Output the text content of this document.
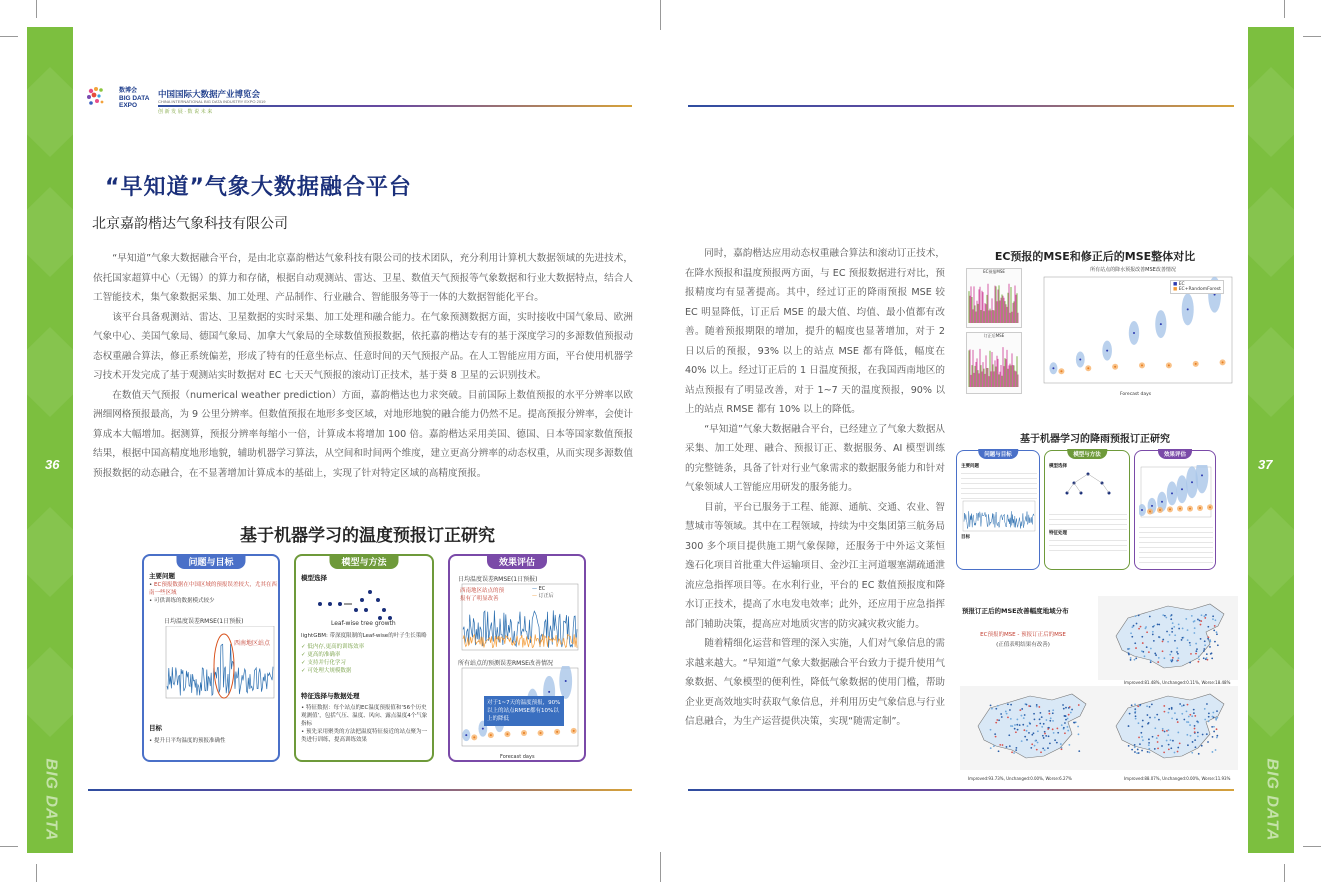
36
BIG DATA
37
BIG DATA
数博会
BIG DATA EXPO
中国国际大数据产业博览会
CHINA INTERNATIONAL BIG DATA INDUSTRY EXPO 2019
创 新 发 展 · 数 说 未 来
“早知道”气象大数据融合平台
北京嘉韵楷达气象科技有限公司

“早知道”气象大数据融合平台，是由北京嘉韵楷达气象科技有限公司的技术团队，充分利用计算机大数据领域的先进技术，依托国家超算中心（无锡）的算力和存储，根据自动观测站、雷达、卫星、数值天气预报等气象数据和行业大数据特点，结合人工智能技术，集气象数据采集、加工处理、产品制作、行业融合、智能服务等于一体的大数据智能化平台。

该平台具备观测站、雷达、卫星数据的实时采集、加工处理和融合能力。在气象预测数据方面，实时接收中国气象局、欧洲气象中心、美国气象局、德国气象局、加拿大气象局的全球数值预报数据，依托嘉韵楷达专有的基于深度学习的多源数值预报动态权重融合算法，修正系统偏差，形成了特有的任意坐标点、任意时间的天气预报产品。在人工智能应用方面，平台使用机器学习技术开发完成了基于观测站实时数据对 EC 七天天气预报的滚动订正技术，基于葵 8 卫星的云识别技术。

在数值天气预报（numerical weather prediction）方面，嘉韵楷达也力求突破。目前国际上数值预报的水平分辨率以欧洲细网格预报最高，为 9 公里分辨率。但数值预报在地形多变区域，对地形地貌的融合能力仍然不足。提高预报分辨率，会使计算成本大幅增加。据测算，预报分辨率每缩小一倍，计算成本将增加 100 倍。嘉韵楷达采用美国、德国、日本等国家数值预报结果，根据中国高精度地形地貌，辅助机器学习算法，从空间和时间两个维度，建立更高分辨率的动态权重，从而实现多源数值预报数据的动态融合，在不显著增加计算成本的基础上，实现了针对特定区域的高精度预报。

基于机器学习的温度预报订正研究
问题与目标
主要问题
• EC预报数据在中国区域的预报误差较大，尤其在西南一些区域
• 可供训练的数据模式较少
日均温度误差RMSE(1日预报)
西南地区站点
目标
• 提升日平均温度的预报准确性
模型与方法
模型选择
Leaf-wise tree growth
lightGBM: 带深度限制的Leaf-wise的叶子生长策略
✓ 低内存,更高的训练效率
✓ 更高的准确率
✓ 支持并行化学习
✓ 可处理大规模数据
特征选择与数据处理
• 特征数据：每个站点的EC温度预报值和‘56个历史观测值’，包括气压、温度、风向、露点温度4个气象指标
• 预先采用聚类的方法把温度特征接近的站点聚为一类进行训练，提高训练效果
效果评估
日均温度误差RMSE(1日预报)
— EC
— 订正后
西南地区站点的预报有了明显改善
所有站点的预测误差RMSE改善情况
对于1~7天的温度预报，90%以上的站点RMSE都有10%以上的降低
Forecast days

同时，嘉韵楷达应用动态权重融合算法和滚动订正技术，在降水预报和温度预报两方面，与 EC 预报数据进行对比，预报精度均有显著提高。其中，经过订正的降雨预报 MSE 较 EC 明显降低，订正后 MSE 的最大值、均值、最小值都有改善。随着预报期限的增加，提升的幅度也显著增加，对于 2 日以后的预报，93% 以上的站点 MSE 都有降低，幅度在 40% 以上。经过订正后的 1 日温度预报，在我国西南地区的站点预报有了明显改善，对于 1~7 天的温度预报，90% 以上的站点 RMSE 都有 10% 以上的降低。

“早知道”气象大数据融合平台，已经建立了气象大数据从采集、加工处理、融合、预报订正、数据服务、AI 模型训练的完整链条，具备了针对行业气象需求的数据服务能力和针对气象领域人工智能应用研发的服务能力。

目前，平台已服务于工程、能源、通航、交通、农业、智慧城市等领域。其中在工程领域，持续为中交集团第三航务局 300 多个项目提供施工期气象保障，还服务于中外运文莱恒逸石化项目首批重大件运输项目、金沙江主河道堰塞湖疏通泄流应急指挥项目等。在水利行业，平台的 EC 数值预报度和降水订正技术，提高了水电发电效率；此外，还应用于应急指挥部门辅助决策，提高应对地质灾害的防灾减灾救灾能力。

随着精细化运营和管理的深入实施，人们对气象信息的需求越来越大。“早知道”气象大数据融合平台致力于提升使用气象数据、气象模型的便利性，降低气象数据的使用门槛，帮助企业更高效地实时获取气象信息，并利用历史气象信息与行业信息融合，为生产运营提供决策，实现“随需定制”。

EC预报的MSE和修正后的MSE整体对比
EC预报MSE
订正后MSE
所有站点的降水预报改善MSE改善情况
■ EC
■ EC+RandomForest
Forecast days
基于机器学习的降雨预报订正研究
问题与目标
主要问题
目标
模型与方法
模型选择
特征处理
效果评估
预报订正后的MSE改善幅度地域分布
EC预报的MSE - 预报订正后的MSE
(正值表明结果有改善)
Improved:81.48%, Unchanged:0.11%, Worse:18.48%
Improved:93.73%, Unchanged:0.00%, Worse:6.27%	Improved:88.07%, Unchanged:0.00%, Worse:11.93%
